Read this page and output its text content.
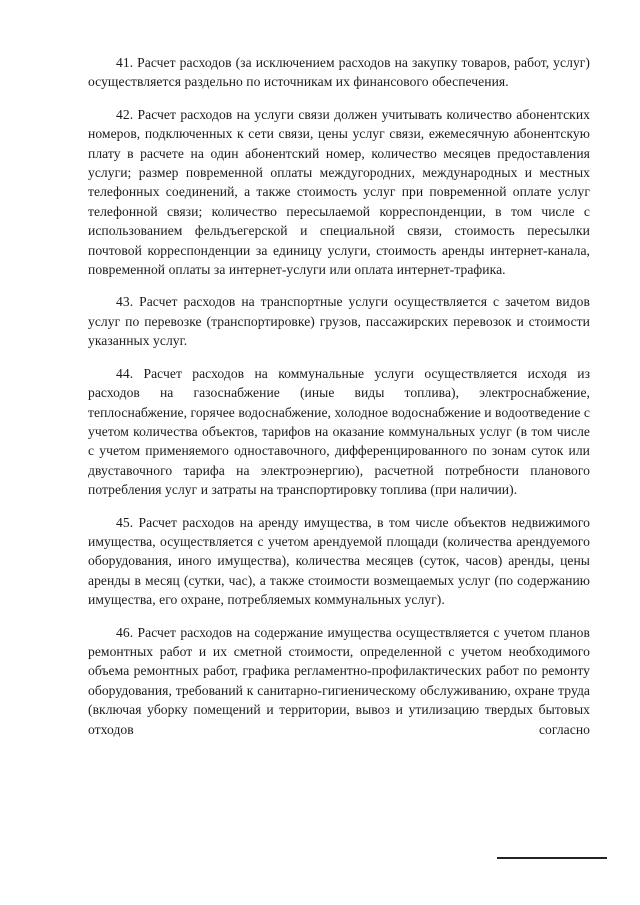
41. Расчет расходов (за исключением расходов на закупку товаров, работ, услуг) осуществляется раздельно по источникам их финансового обеспечения.

42. Расчет расходов на услуги связи должен учитывать количество абонентских номеров, подключенных к сети связи, цены услуг связи, ежемесячную абонентскую плату в расчете на один абонентский номер, количество месяцев предоставления услуги; размер повременной оплаты междугородних, международных и местных телефонных соединений, а также стоимость услуг при повременной оплате услуг телефонной связи; количество пересылаемой корреспонденции, в том числе с использованием фельдъегерской и специальной связи, стоимость пересылки почтовой корреспонденции за единицу услуги, стоимость аренды интернет-канала, повременной оплаты за интернет-услуги или оплата интернет-трафика.

43. Расчет расходов на транспортные услуги осуществляется с зачетом видов услуг по перевозке (транспортировке) грузов, пассажирских перевозок и стоимости указанных услуг.

44. Расчет расходов на коммунальные услуги осуществляется исходя из расходов на газоснабжение (иные виды топлива), электроснабжение, теплоснабжение, горячее водоснабжение, холодное водоснабжение и водоотведение с учетом количества объектов, тарифов на оказание коммунальных услуг (в том числе с учетом применяемого одноставочного, дифференцированного по зонам суток или двуставочного тарифа на электроэнергию), расчетной потребности планового потребления услуг и затраты на транспортировку топлива (при наличии).

45. Расчет расходов на аренду имущества, в том числе объектов недвижимого имущества, осуществляется с учетом арендуемой площади (количества арендуемого оборудования, иного имущества), количества месяцев (суток, часов) аренды, цены аренды в месяц (сутки, час), а также стоимости возмещаемых услуг (по содержанию имущества, его охране, потребляемых коммунальных услуг).

46. Расчет расходов на содержание имущества осуществляется с учетом планов ремонтных работ и их сметной стоимости, определенной с учетом необходимого объема ремонтных работ, графика регламентно-профилактических работ по ремонту оборудования, требований к санитарно-гигиеническому обслуживанию, охране труда (включая уборку помещений и территории, вывоз и утилизацию твердых бытовых отходов согласно
